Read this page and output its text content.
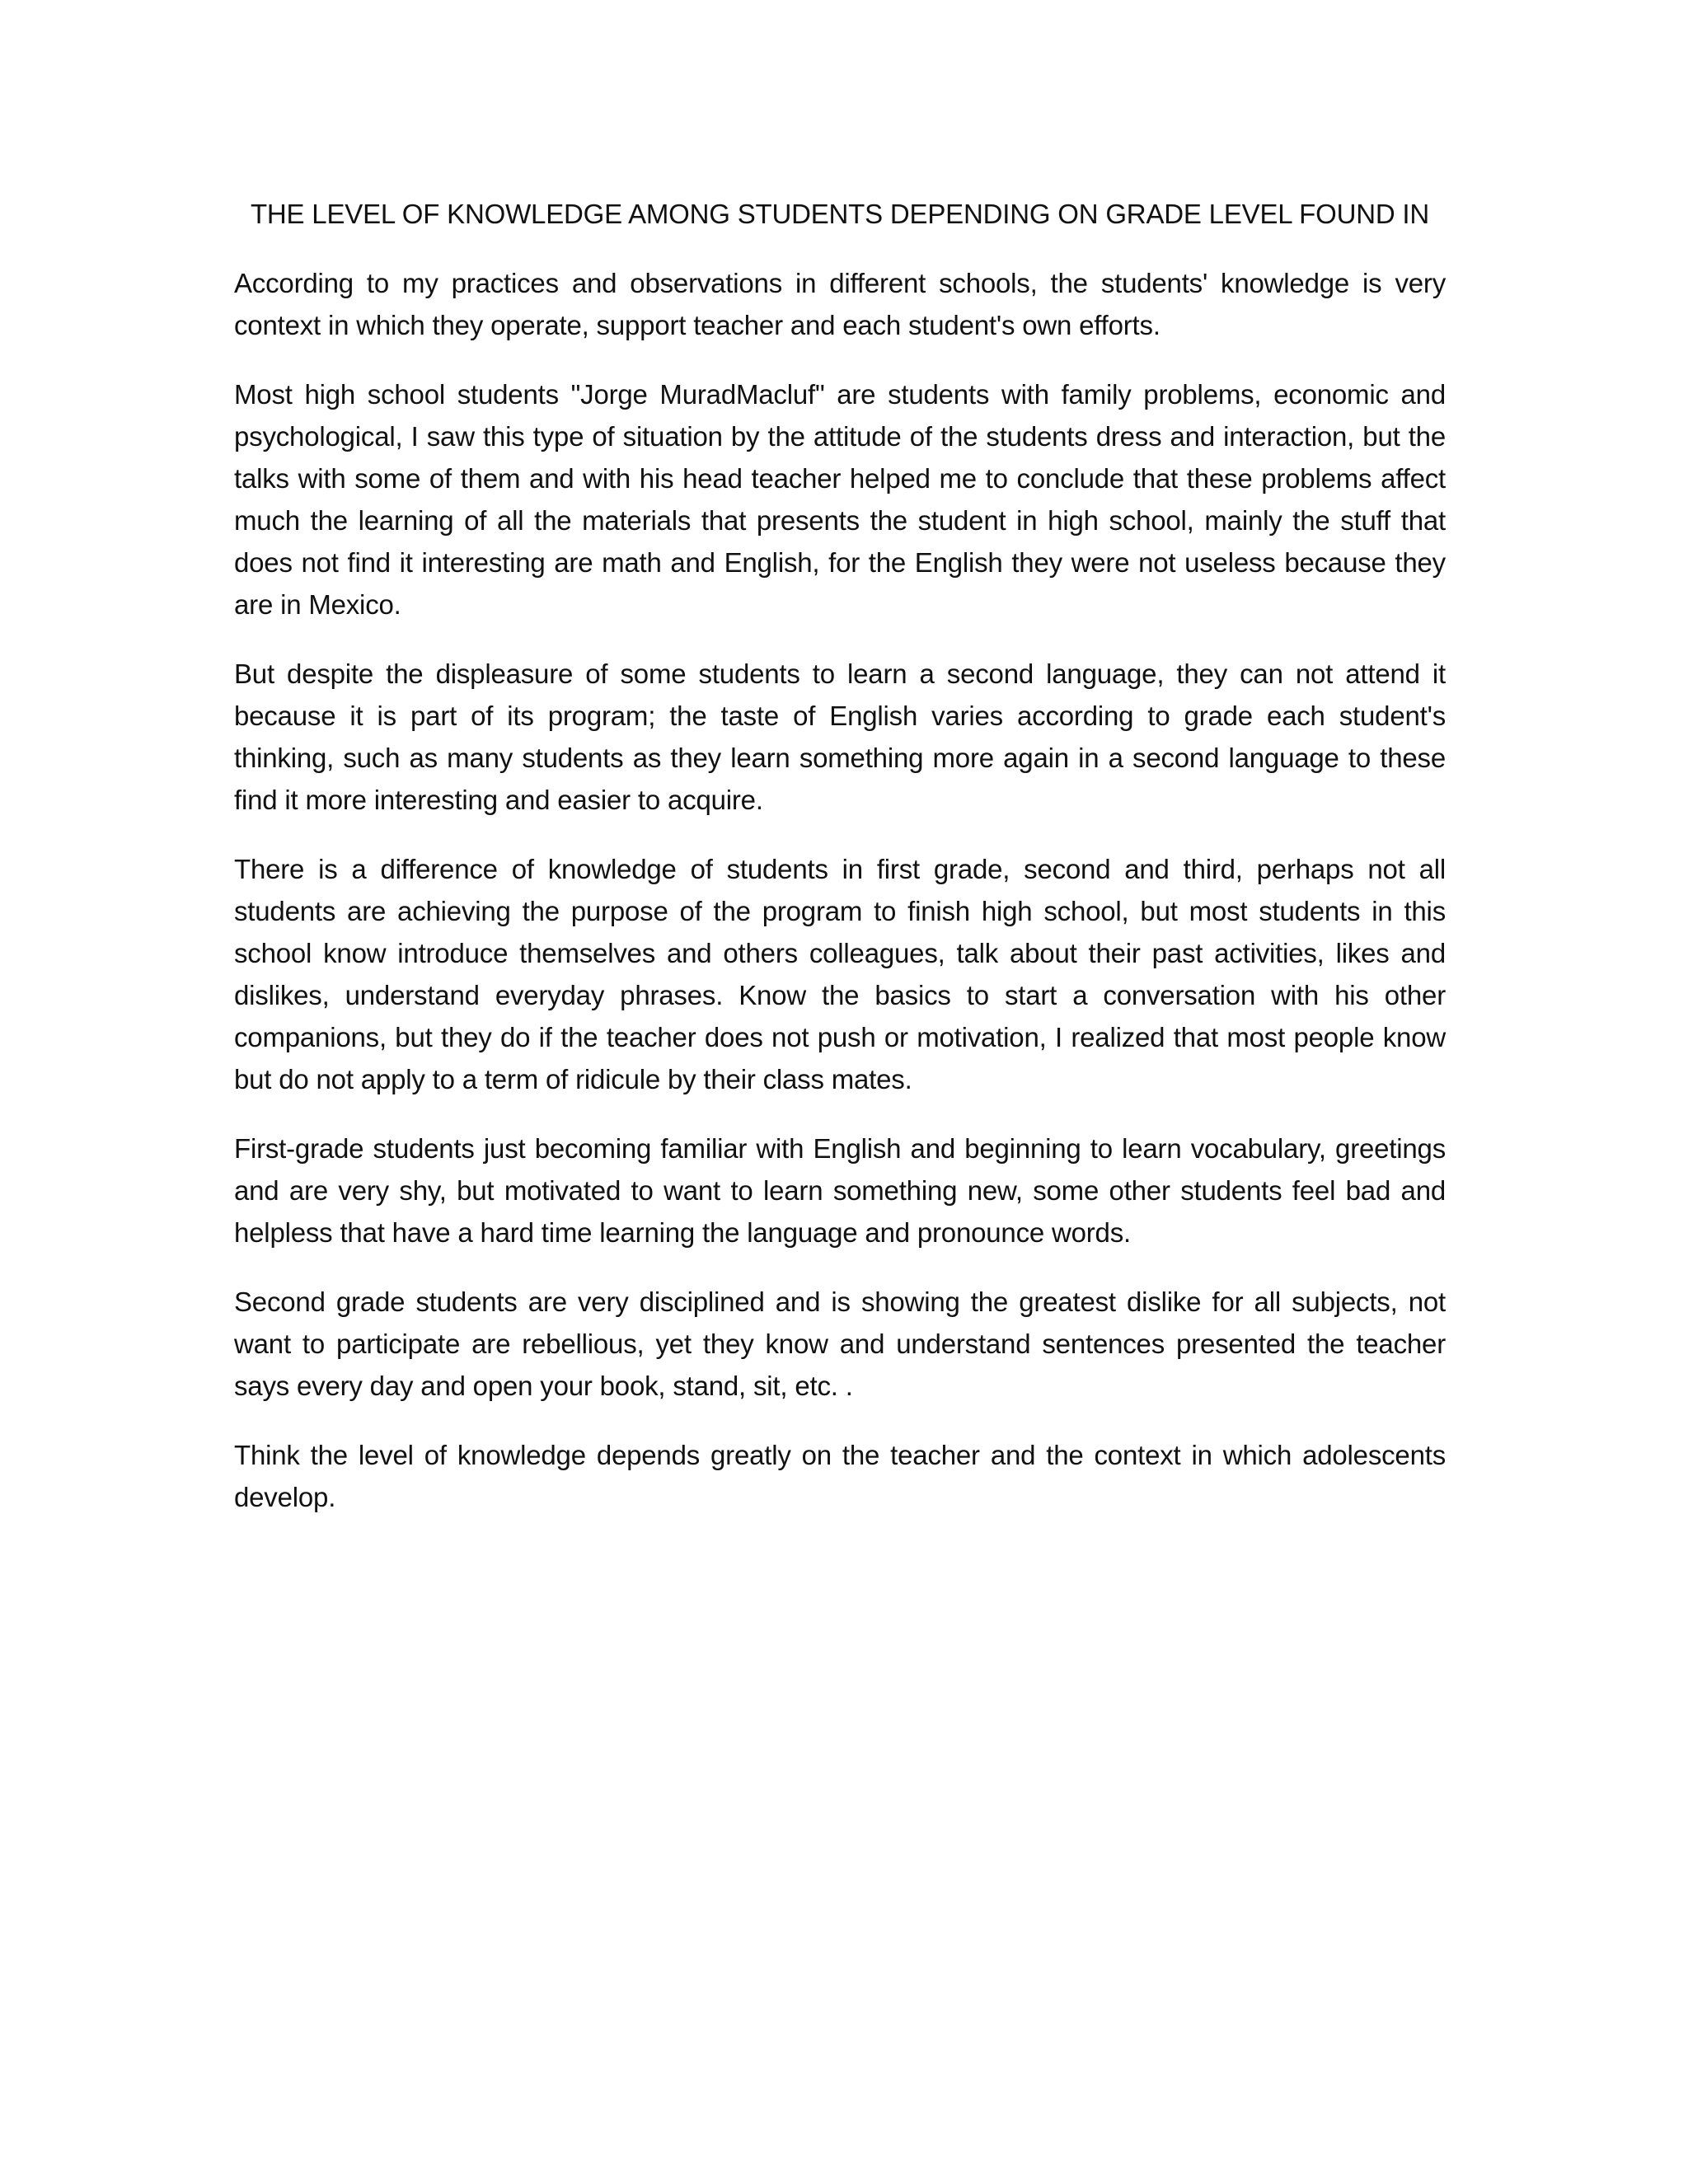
THE LEVEL OF KNOWLEDGE AMONG STUDENTS DEPENDING ON GRADE LEVEL FOUND IN

According to my practices and observations in different schools, the students' knowledge is very context in which they operate, support teacher and each student's own efforts.

Most high school students "Jorge MuradMacluf" are students with family problems, economic and psychological, I saw this type of situation by the attitude of the students dress and interaction, but the talks with some of them and with his head teacher helped me to conclude that these problems affect much the learning of all the materials that presents the student in high school, mainly the stuff that does not find it interesting are math and English, for the English they were not useless because they are in Mexico.

But despite the displeasure of some students to learn a second language, they can not attend it because it is part of its program; the taste of English varies according to grade each student's thinking, such as many students as they learn something more again in a second language to these find it more interesting and easier to acquire.

There is a difference of knowledge of students in first grade, second and third, perhaps not all students are achieving the purpose of the program to finish high school, but most students in this school know introduce themselves and others colleagues, talk about their past activities, likes and dislikes, understand everyday phrases. Know the basics to start a conversation with his other companions, but they do if the teacher does not push or motivation, I realized that most people know but do not apply to a term of ridicule by their class mates.

First-grade students just becoming familiar with English and beginning to learn vocabulary, greetings and are very shy, but motivated to want to learn something new, some other students feel bad and helpless that have a hard time learning the language and pronounce words.

Second grade students are very disciplined and is showing the greatest dislike for all subjects, not want to participate are rebellious, yet they know and understand sentences presented the teacher says every day and open your book, stand, sit, etc. .

Think the level of knowledge depends greatly on the teacher and the context in which adolescents develop.
